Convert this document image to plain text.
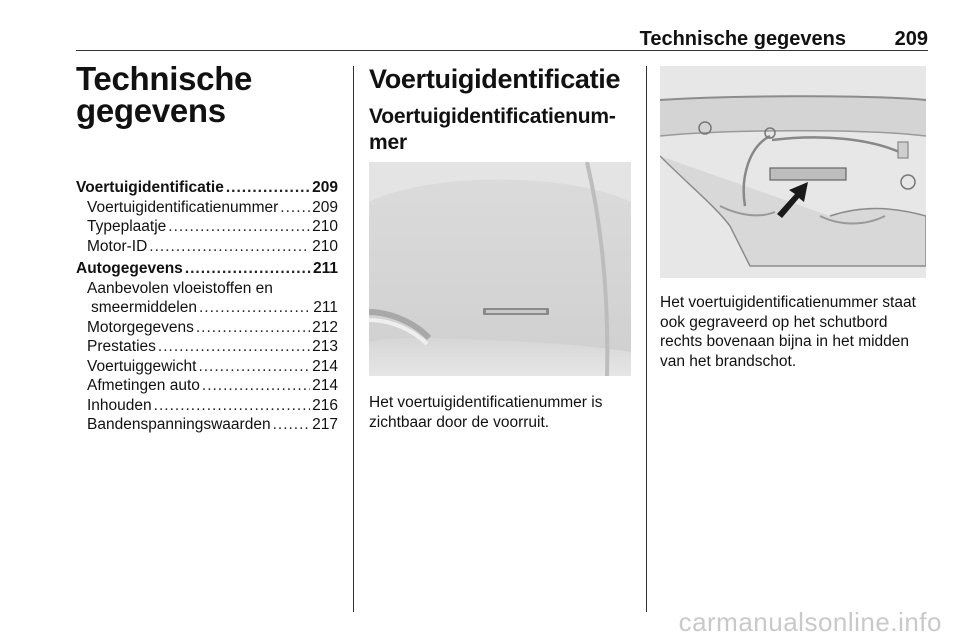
Technische gegevens 209
Technische
gegevens
Voertuigidentificatie .....	209
Voertuigidentificatienummer ..... 209
Typeplaatje .....	210
Motor-ID .....	210
Autogegevens .....	211
Aanbevolen vloeistoffen en
smeermiddelen .....	211
Motorgegevens .....	212
Prestaties .....	213
Voertuiggewicht .....	214
Afmetingen auto .....	214
Inhouden .....	216
Bandenspanningswaarden .....	217
Voertuigidentificatie
Voertuigidentificatienum-
mer
Het voertuigidentificatienummer is zichtbaar door de voorruit.
Het voertuigidentificatienummer staat ook gegraveerd op het schutbord rechts bovenaan bijna in het midden van het brandschot.
carmanualsonline.info
